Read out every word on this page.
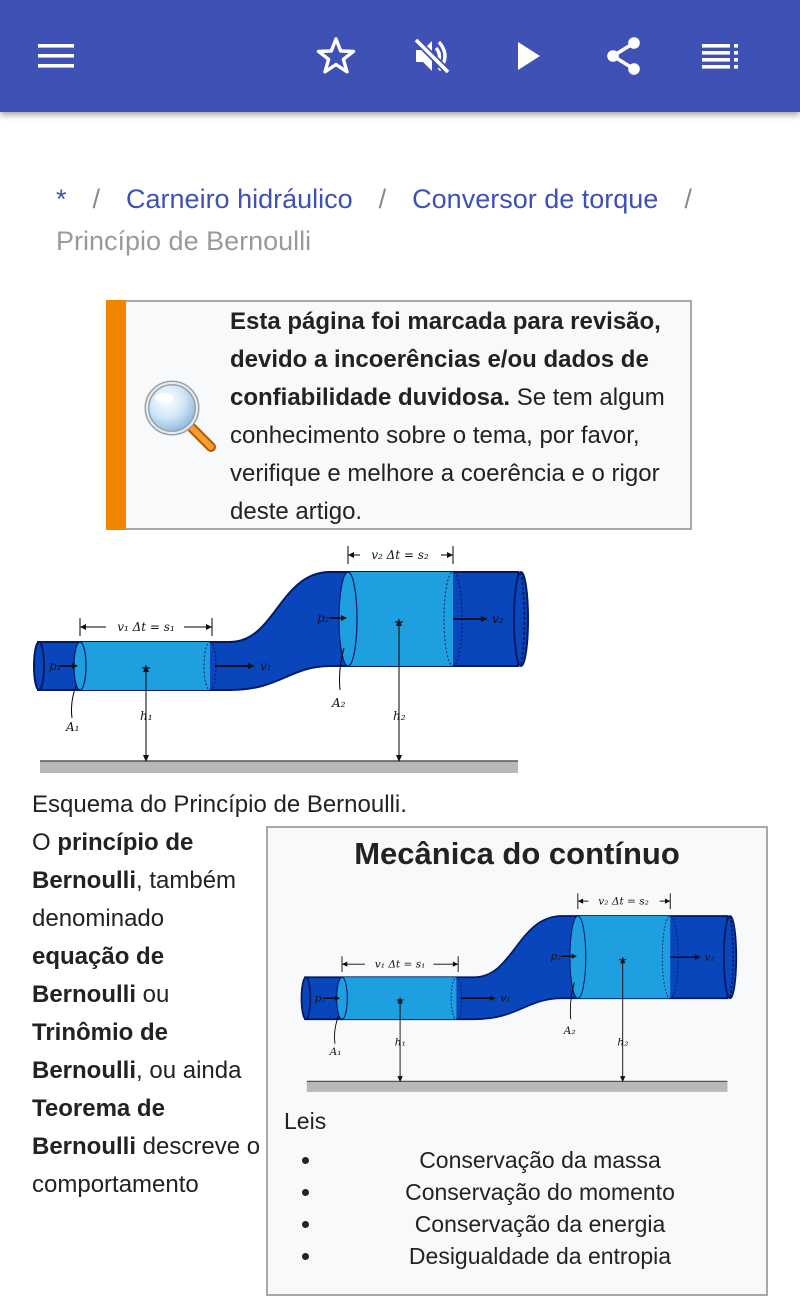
* / Carneiro hidráulico / Conversor de torque /
Princípio de Bernoulli
Esta página foi marcada para revisão, devido a incoerências e/ou dados de confiabilidade duvidosa. Se tem algum conhecimento sobre o tema, por favor, verifique e melhore a coerência e o rigor deste artigo.
v₁ Δt = s₁
v₂ Δt = s₂
p₁	v₁
p₂	v₂
A₁
A₂
h₁	h₂
Esquema do Princípio de Bernoulli.
O princípio de Bernoulli, também denominado equação de Bernoulli ou Trinômio de Bernoulli, ou ainda Teorema de Bernoulli descreve o comportamento
Mecânica do contínuo
v₁ Δt = s₁
v₂ Δt = s₂
p₁	v₁
p₂	v₂
A₁
A₂
h₁	h₂
Leis
Conservação da massa
Conservação do momento
Conservação da energia
Desigualdade da entropia
